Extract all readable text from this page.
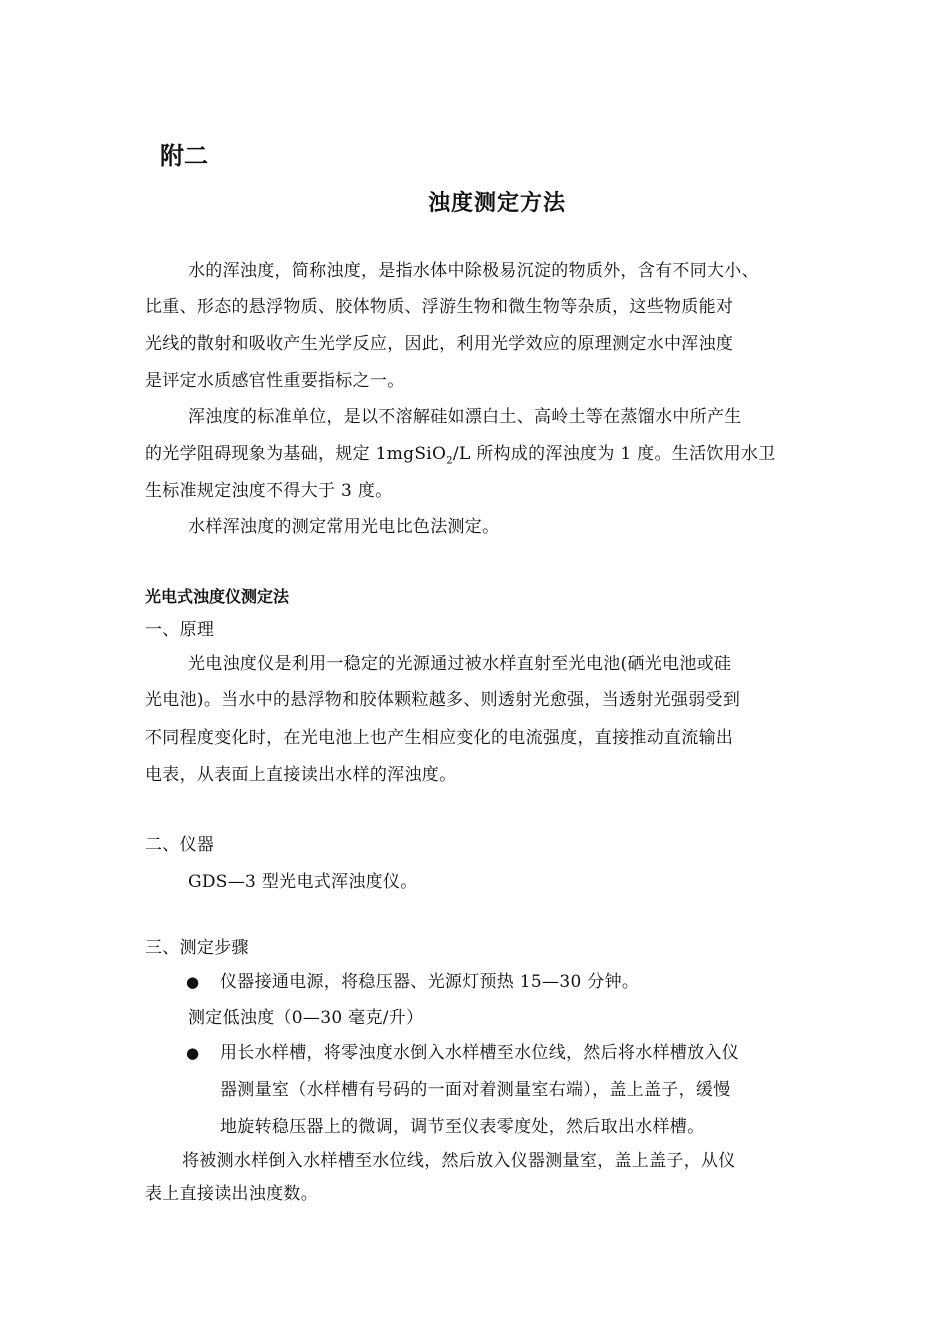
附二
浊度测定方法
水的浑浊度，简称浊度，是指水体中除极易沉淀的物质外，含有不同大小、
比重、形态的悬浮物质、胶体物质、浮游生物和微生物等杂质，这些物质能对
光线的散射和吸收产生光学反应，因此，利用光学效应的原理测定水中浑浊度
是评定水质感官性重要指标之一。
浑浊度的标准单位，是以不溶解硅如漂白土、高岭土等在蒸馏水中所产生
的光学阻碍现象为基础，规定 1mgSiO$_2$/L 所构成的浑浊度为 1 度。生活饮用水卫
生标准规定浊度不得大于 3 度。
水样浑浊度的测定常用光电比色法测定。
光电式浊度仪测定法
一、原理
光电浊度仪是利用一稳定的光源通过被水样直射至光电池(硒光电池或硅
光电池)。当水中的悬浮物和胶体颗粒越多、则透射光愈强，当透射光强弱受到
不同程度变化时，在光电池上也产生相应变化的电流强度，直接推动直流输出
电表，从表面上直接读出水样的浑浊度。
二、仪器
GDS—3 型光电式浑浊度仪。
三、测定步骤
● 仪器接通电源，将稳压器、光源灯预热 15—30 分钟。
测定低浊度（0—30 毫克/升）
● 用长水样槽，将零浊度水倒入水样槽至水位线，然后将水样槽放入仪
器测量室（水样槽有号码的一面对着测量室右端），盖上盖子，缓慢
地旋转稳压器上的微调，调节至仪表零度处，然后取出水样槽。
将被测水样倒入水样槽至水位线，然后放入仪器测量室，盖上盖子，从仪
表上直接读出浊度数。
